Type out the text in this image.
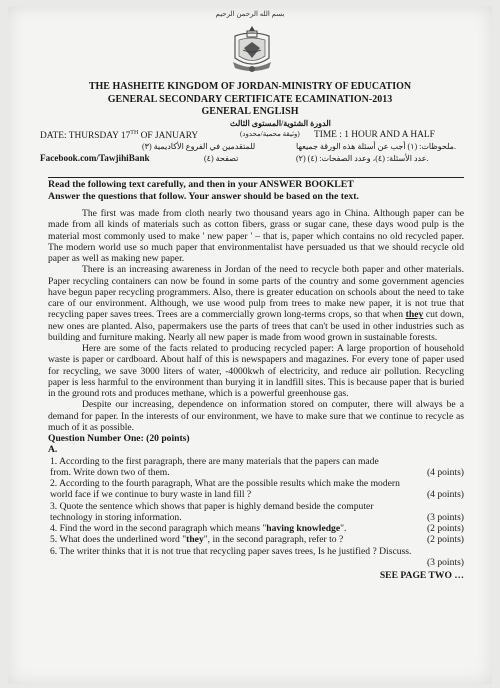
بسم الله الرحمن الرحيم
THE HASHEITE KINGDOM OF JORDAN-MINISTRY OF EDUCATION
GENERAL SECONDARY CERTIFICATE ECAMINATION-2013
GENERAL ENGLISH
الدورة الشتوية/المستوى الثالث
(وثيقة محمية/محدود)
DATE: THURSDAY 17TH OF JANUARY	TIME : 1 HOUR AND A HALF
ملحوظات: (١) أجب عن أسئلة هذه الورقة جميعها.
(٢) عدد الأسئلة: (٤)، وعدد الصفحات: (٤).
(٣) للمتقدمين في الفروع الأكاديمية
(٤) تصفحة
Facebook.com/TawjihiBank
Read the following text carefully, and then in your ANSWER BOOKLET
Answer the questions that follow. Your answer should be based on the text.

The first was made from cloth nearly two thousand years ago in China. Although paper can be made from all kinds of materials such as cotton fibers, grass or sugar cane, these days wood pulp is the material most commonly used to make ' new paper ' – that is, paper which contains no old recycled paper. The modern world use so much paper that environmentalist have persuaded us that we should recycle old paper as well as making new paper.

There is an increasing awareness in Jordan of the need to recycle both paper and other materials. Paper recycling containers can now be found in some parts of the country and some government agencies have begun paper recycling programmers. Also, there is greater education on schools about the need to take care of our environment. Although, we use wood pulp from trees to make new paper, it is not true that recycling paper saves trees. Trees are a commercially grown long-terms crops, so that when they cut down, new ones are planted. Also, papermakers use the parts of trees that can't be used in other industries such as building and furniture making. Nearly all new paper is made from wood grown in sustainable forests.

Here are some of the facts related to producing recycled paper: A large proportion of household waste is paper or cardboard. About half of this is newspapers and magazines. For every tone of paper used for recycling, we save 3000 liters of water, -4000kwh of electricity, and reduce air pollution. Recycling paper is less harmful to the environment than burying it in landfill sites. This is because paper that is buried in the ground rots and produces methane, which is a powerful greenhouse gas.

Despite our increasing, dependence on information stored on computer, there will always be a demand for paper. In the interests of our environment, we have to make sure that we continue to recycle as much of it as possible.

Question Number One: (20 points)
A.
1. According to the first paragraph, there are many materials that the papers can made from. Write down two of them.	(4 points)
2. According to the fourth paragraph, What are the possible results which make the modern world face if we continue to bury waste in land fill ?	(4 points)
3. Quote the sentence which shows that paper is highly demand beside the computer technology in storing information.	(3 points)
4. Find the word in the second paragraph which means "having knowledge".	(2 points)
5. What does the underlined word "they", in the second paragraph, refer to ?	(2 points)
6. The writer thinks that it is not true that recycling paper saves trees, Is he justified ? Discuss.
(3 points)
SEE PAGE TWO …
